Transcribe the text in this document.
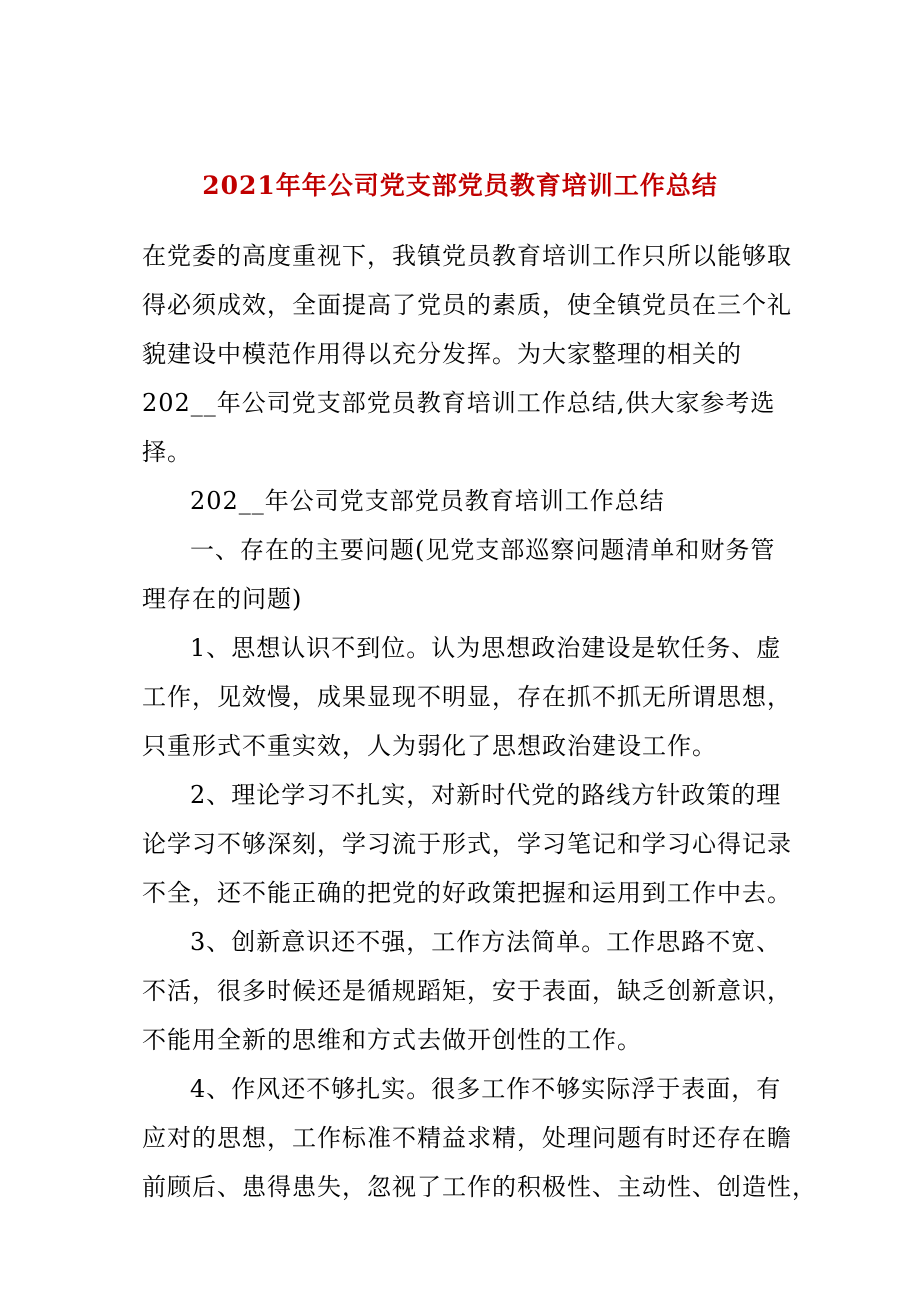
2021年年公司党支部党员教育培训工作总结
在党委的高度重视下，我镇党员教育培训工作只所以能够取
得必须成效，全面提高了党员的素质，使全镇党员在三个礼
貌建设中模范作用得以充分发挥。为大家整理的相关的
202__年公司党支部党员教育培训工作总结,供大家参考选
择。
202__年公司党支部党员教育培训工作总结
一、存在的主要问题(见党支部巡察问题清单和财务管
理存在的问题)
1、思想认识不到位。认为思想政治建设是软任务、虚
工作，见效慢，成果显现不明显，存在抓不抓无所谓思想，
只重形式不重实效，人为弱化了思想政治建设工作。
2、理论学习不扎实，对新时代党的路线方针政策的理
论学习不够深刻，学习流于形式，学习笔记和学习心得记录
不全，还不能正确的把党的好政策把握和运用到工作中去。
3、创新意识还不强，工作方法简单。工作思路不宽、
不活，很多时候还是循规蹈矩，安于表面，缺乏创新意识，
不能用全新的思维和方式去做开创性的工作。
4、作风还不够扎实。很多工作不够实际浮于表面，有
应对的思想，工作标准不精益求精，处理问题有时还存在瞻
前顾后、患得患失，忽视了工作的积极性、主动性、创造性，
